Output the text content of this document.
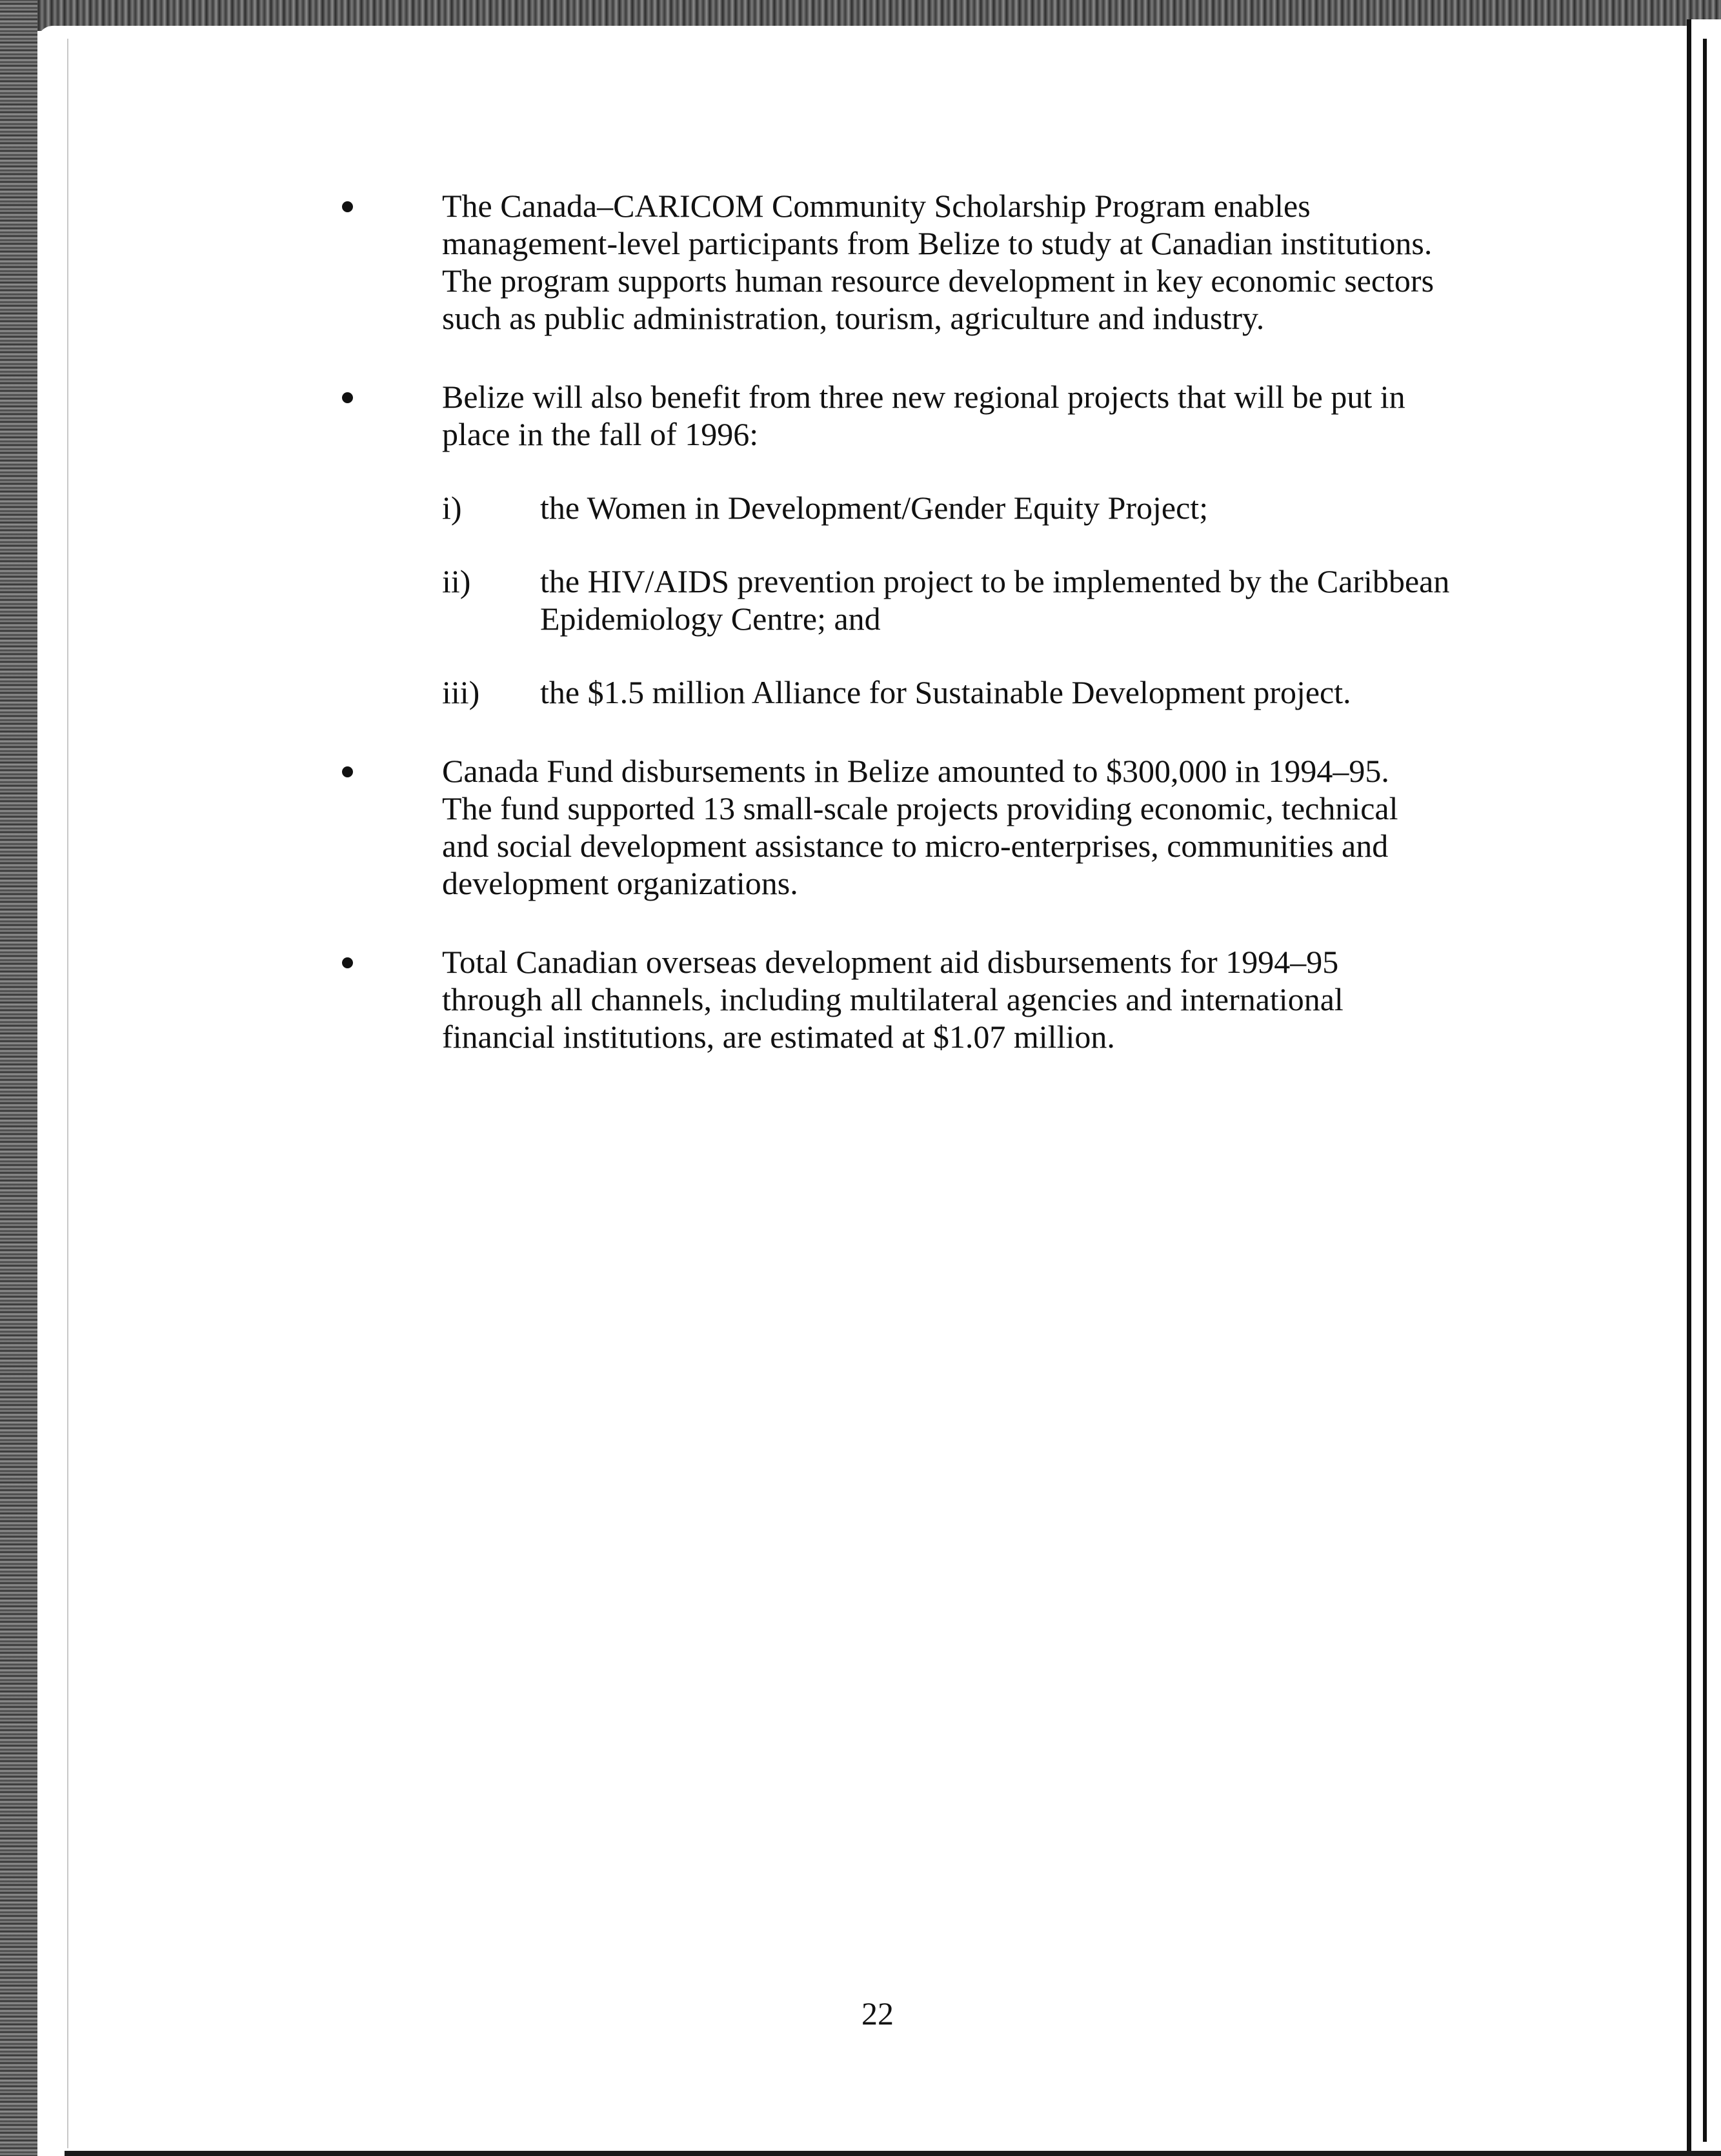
The Canada–CARICOM Community Scholarship Program enables management-level participants from Belize to study at Canadian institutions. The program supports human resource development in key economic sectors such as public administration, tourism, agriculture and industry.
Belize will also benefit from three new regional projects that will be put in place in the fall of 1996:
i) the Women in Development/Gender Equity Project;
ii) the HIV/AIDS prevention project to be implemented by the Caribbean Epidemiology Centre; and
iii) the $1.5 million Alliance for Sustainable Development project.
Canada Fund disbursements in Belize amounted to $300,000 in 1994–95. The fund supported 13 small-scale projects providing economic, technical and social development assistance to micro-enterprises, communities and development organizations.
Total Canadian overseas development aid disbursements for 1994–95 through all channels, including multilateral agencies and international financial institutions, are estimated at $1.07 million.
22
